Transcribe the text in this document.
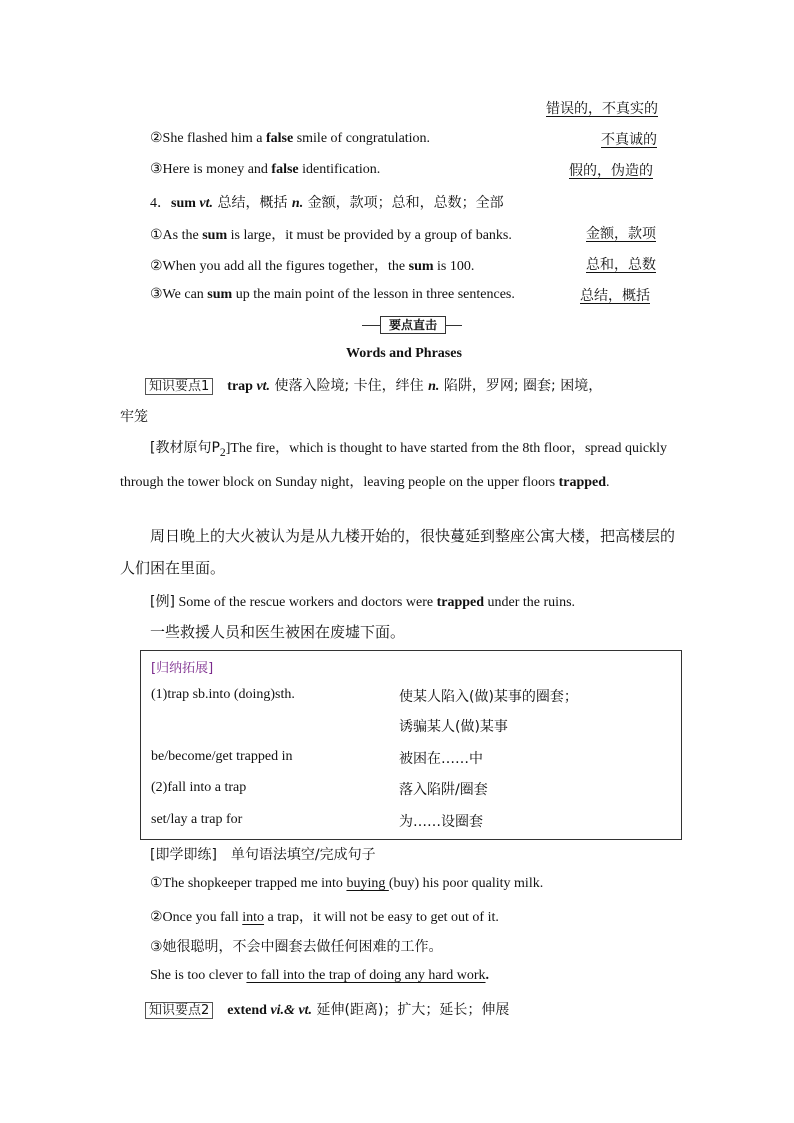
错误的，不真实的
②She flashed him a false smile of congratulation.	不真诚的
③Here is money and false identification.	假的，伪造的
4．sum vt. 总结，概括 n. 金额，款项；总和，总数；全部
①As the sum is large，it must be provided by a group of banks.	金额，款项
②When you add all the figures together，the sum is 100.	总和，总数
③We can sum up the main point of the lesson in three sentences.	总结，概括
要点直击
Words and Phrases
知识要点1　 trap vt. 使落入险境; 卡住，绊住 n. 陷阱，罗网; 圈套; 困境，
牢笼
[教材原句$P_2]The$ fire，which is thought to have started from the 8th floor，spread quickly through the tower block on Sunday night，leaving people on the upper floors trapped.
周日晚上的大火被认为是从九楼开始的，很快蔓延到整座公寓大楼，把高楼层的人们困在里面。
[例] Some of the rescue workers and doctors were trapped under the ruins.
一些救援人员和医生被困在废墟下面。
[归纳拓展]
(1)trap sb.into (doing)sth.	使某人陷入(做)某事的圈套；
诱骗某人(做)某事
be/become/get trapped in	被困在……中
(2)fall into a trap	落入陷阱/圈套
set/lay a trap for	为……设圈套
[即学即练]　单句语法填空/完成句子
①The shopkeeper trapped me into buying (buy) his poor quality milk.
②Once you fall into a trap，it will not be easy to get out of it.
③她很聪明，不会中圈套去做任何困难的工作。
She is too clever to fall into the trap of doing any hard work.
知识要点2　 extend vi.& vt. 延伸(距离)；扩大；延长；伸展
